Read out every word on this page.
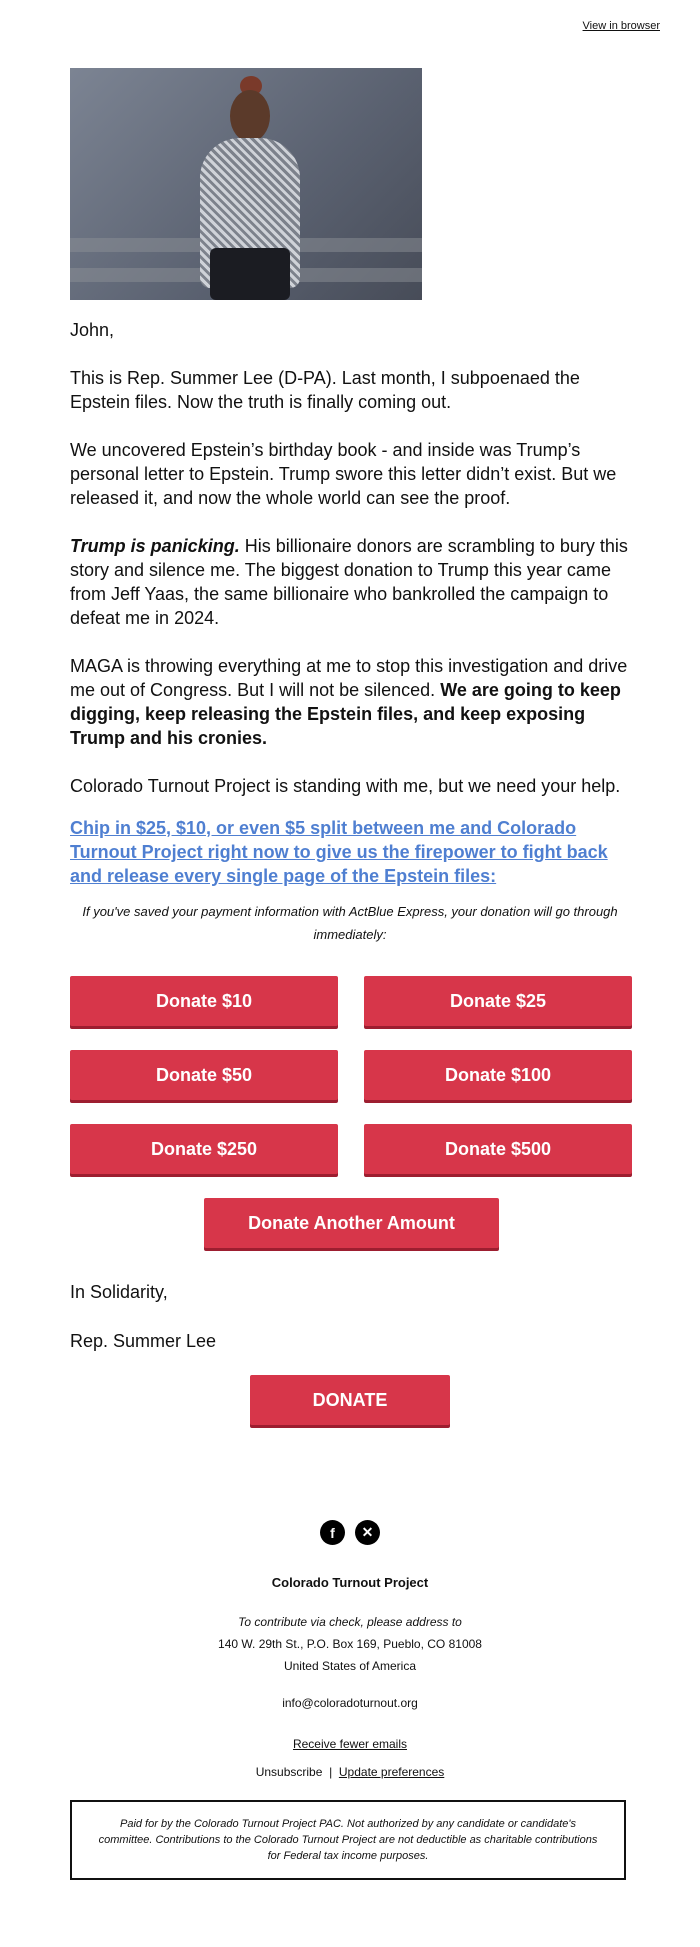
View in browser

John,

This is Rep. Summer Lee (D-PA). Last month, I subpoenaed the Epstein files. Now the truth is finally coming out.

We uncovered Epstein’s birthday book - and inside was Trump’s personal letter to Epstein. Trump swore this letter didn’t exist. But we released it, and now the whole world can see the proof.

Trump is panicking. His billionaire donors are scrambling to bury this story and silence me. The biggest donation to Trump this year came from Jeff Yaas, the same billionaire who bankrolled the campaign to defeat me in 2024.

MAGA is throwing everything at me to stop this investigation and drive me out of Congress. But I will not be silenced. We are going to keep digging, keep releasing the Epstein files, and keep exposing Trump and his cronies.

Colorado Turnout Project is standing with me, but we need your help.

Chip in $25, $10, or even $5 split between me and Colorado Turnout Project right now to give us the firepower to fight back and release every single page of the Epstein files:
If you've saved your payment information with ActBlue Express, your donation will go through immediately:
Donate $10	Donate $25
Donate $50	Donate $100
Donate $250	Donate $500
Donate Another Amount
In Solidarity,
Rep. Summer Lee
DONATE
f	✕
Colorado Turnout Project
To contribute via check, please address to
140 W. 29th St., P.O. Box 169, Pueblo, CO 81008
United States of America
info@coloradoturnout.org
Receive fewer emails
Unsubscribe | Update preferences
Paid for by the Colorado Turnout Project PAC. Not authorized by any candidate or candidate's committee. Contributions to the Colorado Turnout Project are not deductible as charitable contributions for Federal tax income purposes.
